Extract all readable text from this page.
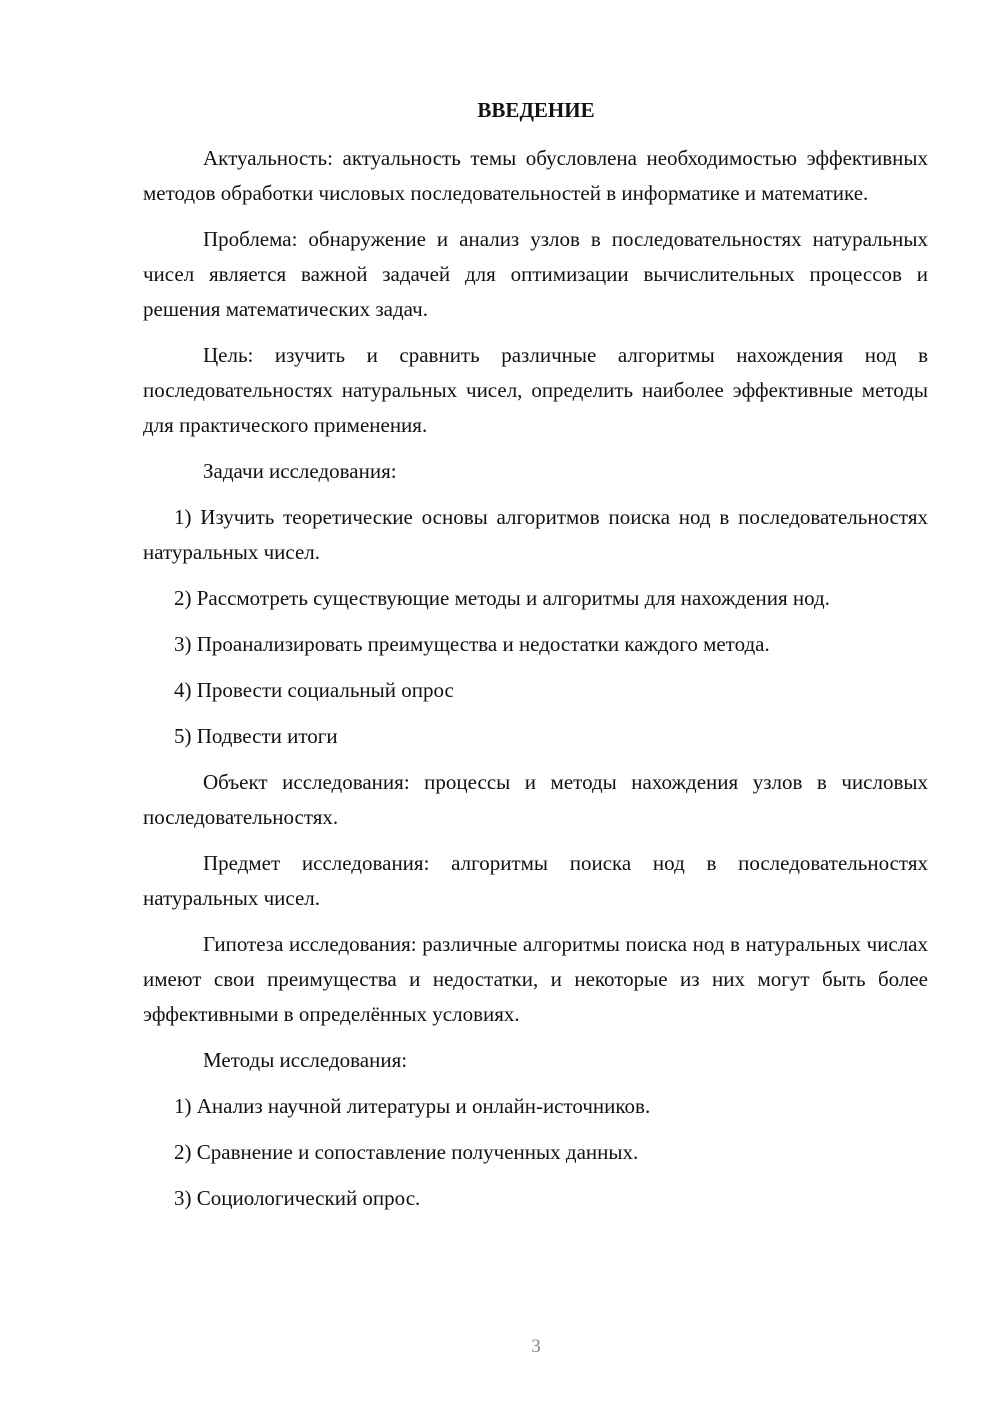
ВВЕДЕНИЕ

Актуальность: актуальность темы обусловлена необходимостью эффективных методов обработки числовых последовательностей в информатике и математике.

Проблема: обнаружение и анализ узлов в последовательностях натуральных чисел является важной задачей для оптимизации вычислительных процессов и решения математических задач.

Цель: изучить и сравнить различные алгоритмы нахождения нод в последовательностях натуральных чисел, определить наиболее эффективные методы для практического применения.

Задачи исследования:

1) Изучить теоретические основы алгоритмов поиска нод в последовательностях натуральных чисел.

2) Рассмотреть существующие методы и алгоритмы для нахождения нод.

3) Проанализировать преимущества и недостатки каждого метода.

4) Провести социальный опрос

5) Подвести итоги

Объект исследования: процессы и методы нахождения узлов в числовых последовательностях.

Предмет исследования: алгоритмы поиска нод в последовательностях натуральных чисел.

Гипотеза исследования: различные алгоритмы поиска нод в натуральных числах имеют свои преимущества и недостатки, и некоторые из них могут быть более эффективными в определённых условиях.

Методы исследования:

1) Анализ научной литературы и онлайн-источников.

2) Сравнение и сопоставление полученных данных.

3) Социологический опрос.

3
